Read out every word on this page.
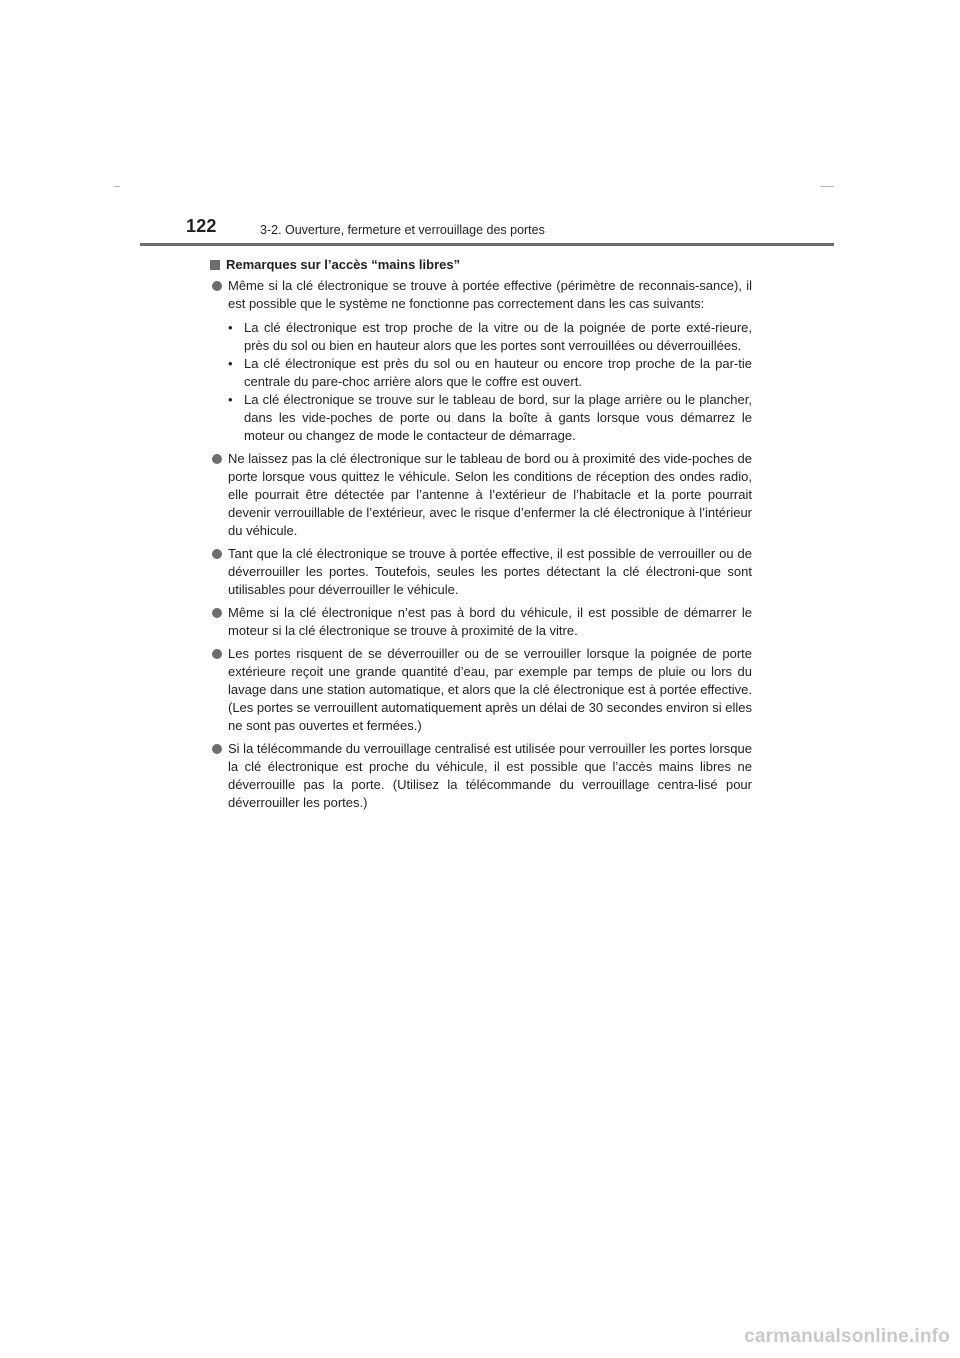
122	3-2. Ouverture, fermeture et verrouillage des portes
Remarques sur l’accès “mains libres”
Même si la clé électronique se trouve à portée effective (périmètre de reconnais-sance), il est possible que le système ne fonctionne pas correctement dans les cas suivants:
• La clé électronique est trop proche de la vitre ou de la poignée de porte exté-rieure, près du sol ou bien en hauteur alors que les portes sont verrouillées ou déverrouillées.
• La clé électronique est près du sol ou en hauteur ou encore trop proche de la par-tie centrale du pare-choc arrière alors que le coffre est ouvert.
• La clé électronique se trouve sur le tableau de bord, sur la plage arrière ou le plancher, dans les vide-poches de porte ou dans la boîte à gants lorsque vous démarrez le moteur ou changez de mode le contacteur de démarrage.
Ne laissez pas la clé électronique sur le tableau de bord ou à proximité des vide-poches de porte lorsque vous quittez le véhicule. Selon les conditions de réception des ondes radio, elle pourrait être détectée par l’antenne à l’extérieur de l’habitacle et la porte pourrait devenir verrouillable de l’extérieur, avec le risque d’enfermer la clé électronique à l’intérieur du véhicule.
Tant que la clé électronique se trouve à portée effective, il est possible de verrouiller ou de déverrouiller les portes. Toutefois, seules les portes détectant la clé électroni-que sont utilisables pour déverrouiller le véhicule.
Même si la clé électronique n’est pas à bord du véhicule, il est possible de démarrer le moteur si la clé électronique se trouve à proximité de la vitre.
Les portes risquent de se déverrouiller ou de se verrouiller lorsque la poignée de porte extérieure reçoit une grande quantité d’eau, par exemple par temps de pluie ou lors du lavage dans une station automatique, et alors que la clé électronique est à portée effective. (Les portes se verrouillent automatiquement après un délai de 30 secondes environ si elles ne sont pas ouvertes et fermées.)
Si la télécommande du verrouillage centralisé est utilisée pour verrouiller les portes lorsque la clé électronique est proche du véhicule, il est possible que l’accès mains libres ne déverrouille pas la porte. (Utilisez la télécommande du verrouillage centra-lisé pour déverrouiller les portes.)
carmanualsonline.info
